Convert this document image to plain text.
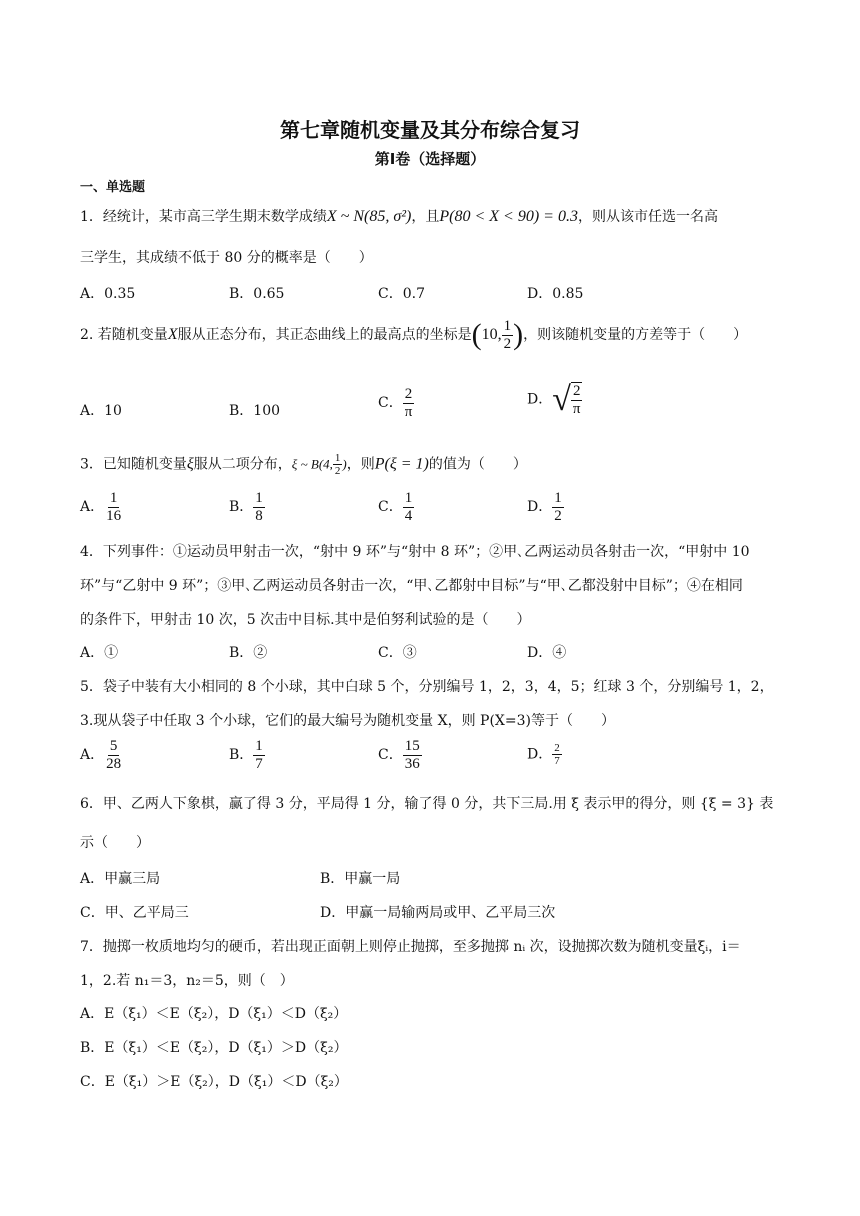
第七章随机变量及其分布综合复习
第Ⅰ卷（选择题）
一、单选题
1．经统计，某市高三学生期末数学成绩X ~ N(85, σ²)，且P(80 < X < 90) = 0.3，则从该市任选一名高
三学生，其成绩不低于 80 分的概率是（　　）
A．0.35	B．0.65	C．0.7	D．0.85
2. 若随机变量X服从正态分布，其正态曲线上的最高点的坐标是(10, $\frac{1}{2}$ )，则该随机变量的方差等于（　　）
A．10	B．100	C． $\frac{2}{\pi}$	D． √ $\frac{2}{\pi}$
3．已知随机变量ξ服从二项分布，ξ ~ B(4, $\frac{1}{2}$ )，则P(ξ = 1)的值为（　　）
A． $\frac{1}{16}$	B． $\frac{1}{8}$	C． $\frac{1}{4}$	D． $\frac{1}{2}$
4．下列事件：①运动员甲射击一次，“射中 9 环”与“射中 8 环”；②甲､乙两运动员各射击一次，“甲射中 10
环”与“乙射中 9 环”；③甲､乙两运动员各射击一次，“甲､乙都射中目标”与“甲､乙都没射中目标”；④在相同
的条件下，甲射击 10 次，5 次击中目标.其中是伯努利试验的是（　　）
A．①	B．②	C．③	D．④
5．袋子中装有大小相同的 8 个小球，其中白球 5 个，分别编号 1，2，3，4，5；红球 3 个，分别编号 1，2，
3.现从袋子中任取 3 个小球，它们的最大编号为随机变量 X，则 P(X=3)等于（　　）
A． $\frac{5}{28}$	B． $\frac{1}{7}$	C． $\frac{15}{36}$	D． $\frac{2}{7}$
6．甲、乙两人下象棋，赢了得 3 分，平局得 1 分，输了得 0 分，共下三局.用 ξ 表示甲的得分，则 {ξ = 3} 表
示（　　）
A．甲赢三局	B．甲赢一局
C．甲、乙平局三	D．甲赢一局输两局或甲、乙平局三次
7．抛掷一枚质地均匀的硬币，若出现正面朝上则停止抛掷，至多抛掷 nᵢ 次，设抛掷次数为随机变量ξᵢ，i＝
1，2.若 n₁＝3，n₂＝5，则（　）
A．E（ξ₁）＜E（ξ₂），D（ξ₁）＜D（ξ₂）
B．E（ξ₁）＜E（ξ₂），D（ξ₁）＞D（ξ₂）
C．E（ξ₁）＞E（ξ₂），D（ξ₁）＜D（ξ₂）
